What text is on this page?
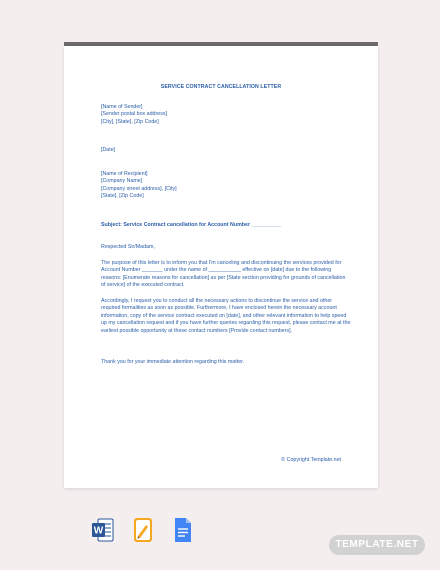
SERVICE CONTRACT CANCELLATION LETTER
[Name of Sender]
[Sender postal box address]
[City], [State], [Zip Code]
[Date]
[Name of Recipient]
[Company Name]
[Company street address], [City]
[State], [Zip Code]
Subject: Service Contract cancellation for Account Number __________
Respected Sir/Madam,

The purpose of this letter is to inform you that I'm canceling and discontinuing the services provided for Account Number _______ under the name of ___________ effective on [date] due to the following reasons: [Enumerate reasons for cancellation] as per [State section providing for grounds of cancellation of service] of the executed contract.

Accordingly, I request you to conduct all the necessary actions to discontinue the service and other required formalities as soon as possible. Furthermore, I have enclosed herein the necessary account information, copy of the service contract executed on [date], and other relevant information to help speed up my cancellation request and if you have further queries regarding this request, please contact me at the earliest possible opportunity at these contact numbers [Provide contact numbers].

Thank you for your immediate attention regarding this matter.
© Copyright Template.net
W
TEMPLATE.NET
